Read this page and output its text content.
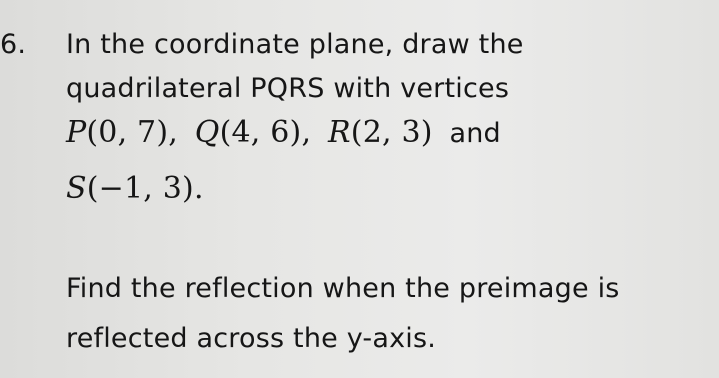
6. In the coordinate plane, draw the
quadrilateral PQRS with vertices
P(0, 7), Q(4, 6), R(2, 3) and
S(−1, 3).
Find the reflection when the preimage is
reflected across the y-axis.
